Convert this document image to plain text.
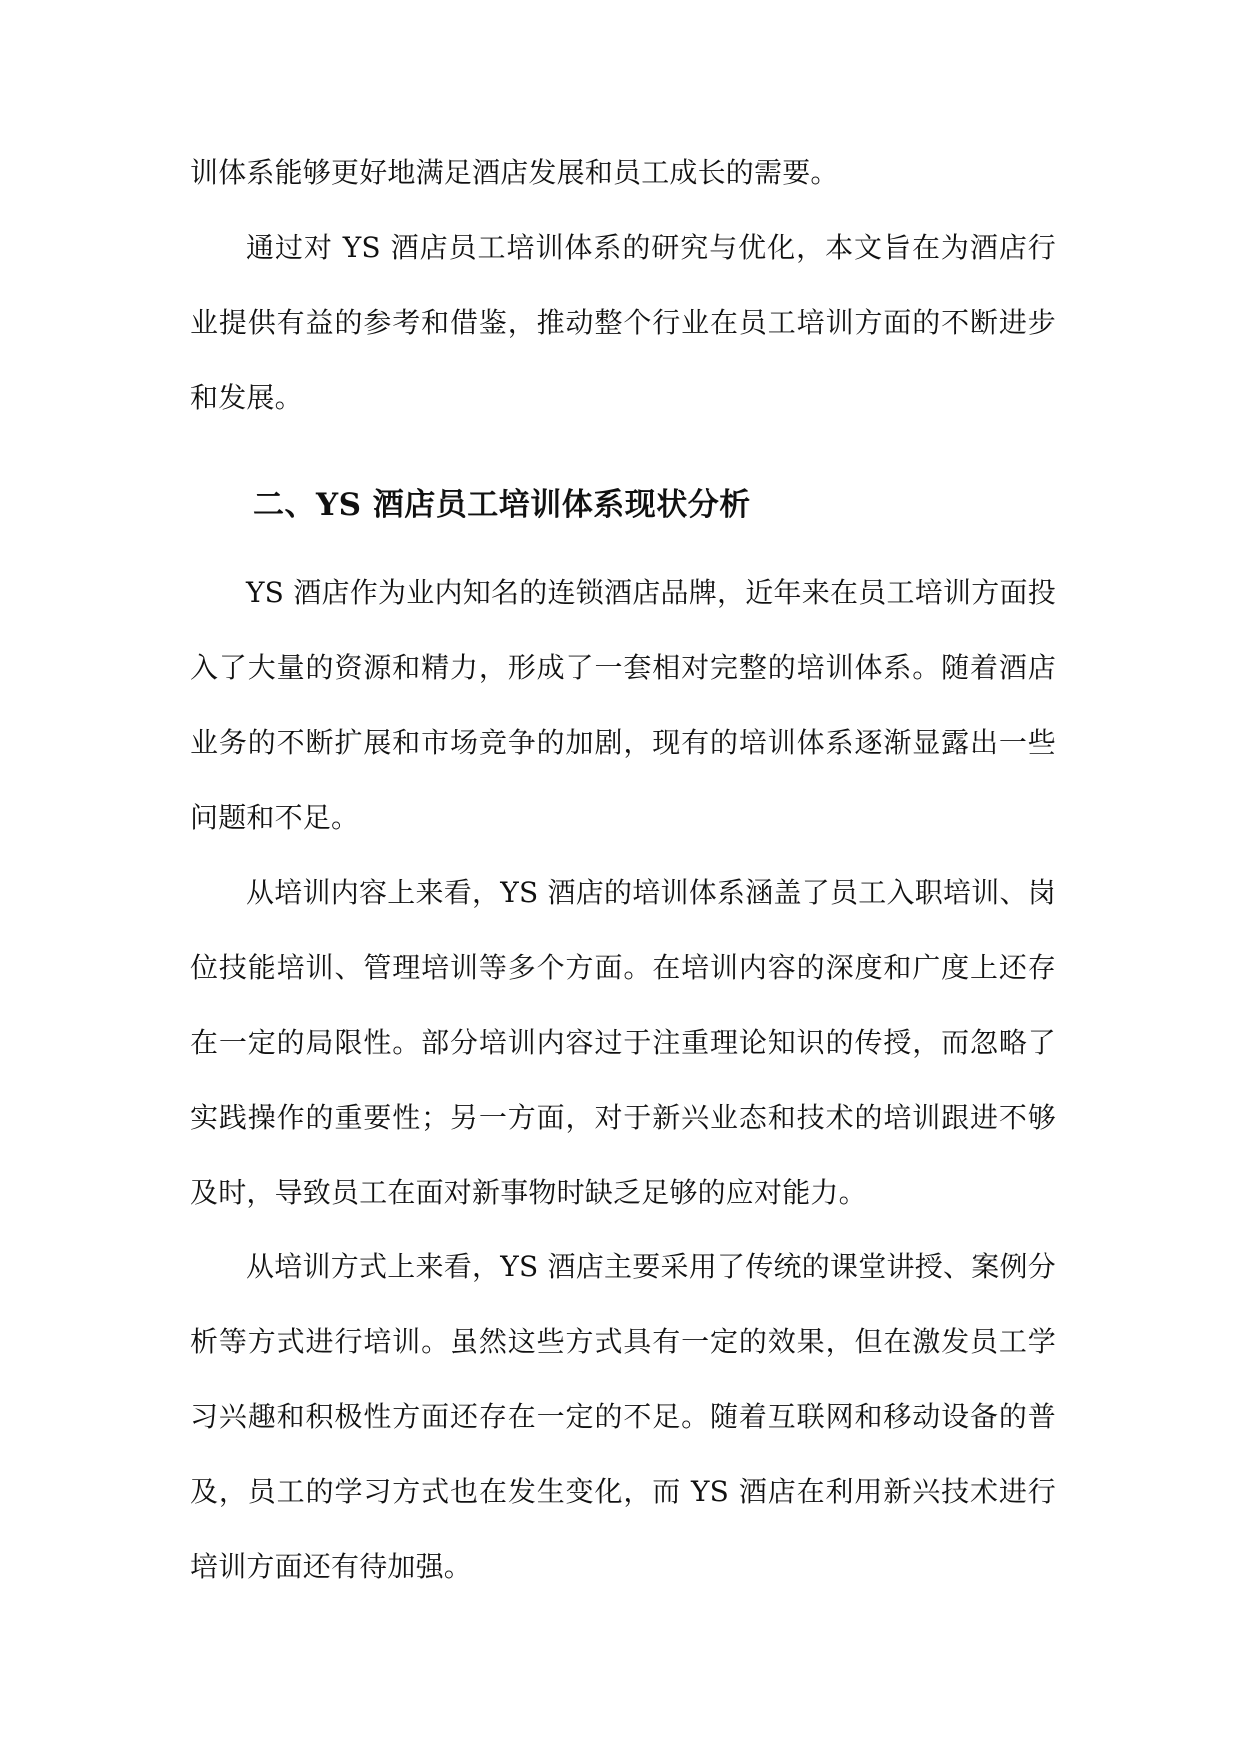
训体系能够更好地满足酒店发展和员工成长的需要。

通过对 YS 酒店员工培训体系的研究与优化，本文旨在为酒店行业提供有益的参考和借鉴，推动整个行业在员工培训方面的不断进步和发展。

二、YS 酒店员工培训体系现状分析

YS 酒店作为业内知名的连锁酒店品牌，近年来在员工培训方面投入了大量的资源和精力，形成了一套相对完整的培训体系。随着酒店业务的不断扩展和市场竞争的加剧，现有的培训体系逐渐显露出一些问题和不足。

从培训内容上来看，YS 酒店的培训体系涵盖了员工入职培训、岗位技能培训、管理培训等多个方面。在培训内容的深度和广度上还存在一定的局限性。部分培训内容过于注重理论知识的传授，而忽略了实践操作的重要性；另一方面，对于新兴业态和技术的培训跟进不够及时，导致员工在面对新事物时缺乏足够的应对能力。

从培训方式上来看，YS 酒店主要采用了传统的课堂讲授、案例分析等方式进行培训。虽然这些方式具有一定的效果，但在激发员工学习兴趣和积极性方面还存在一定的不足。随着互联网和移动设备的普及，员工的学习方式也在发生变化，而 YS 酒店在利用新兴技术进行培训方面还有待加强。
